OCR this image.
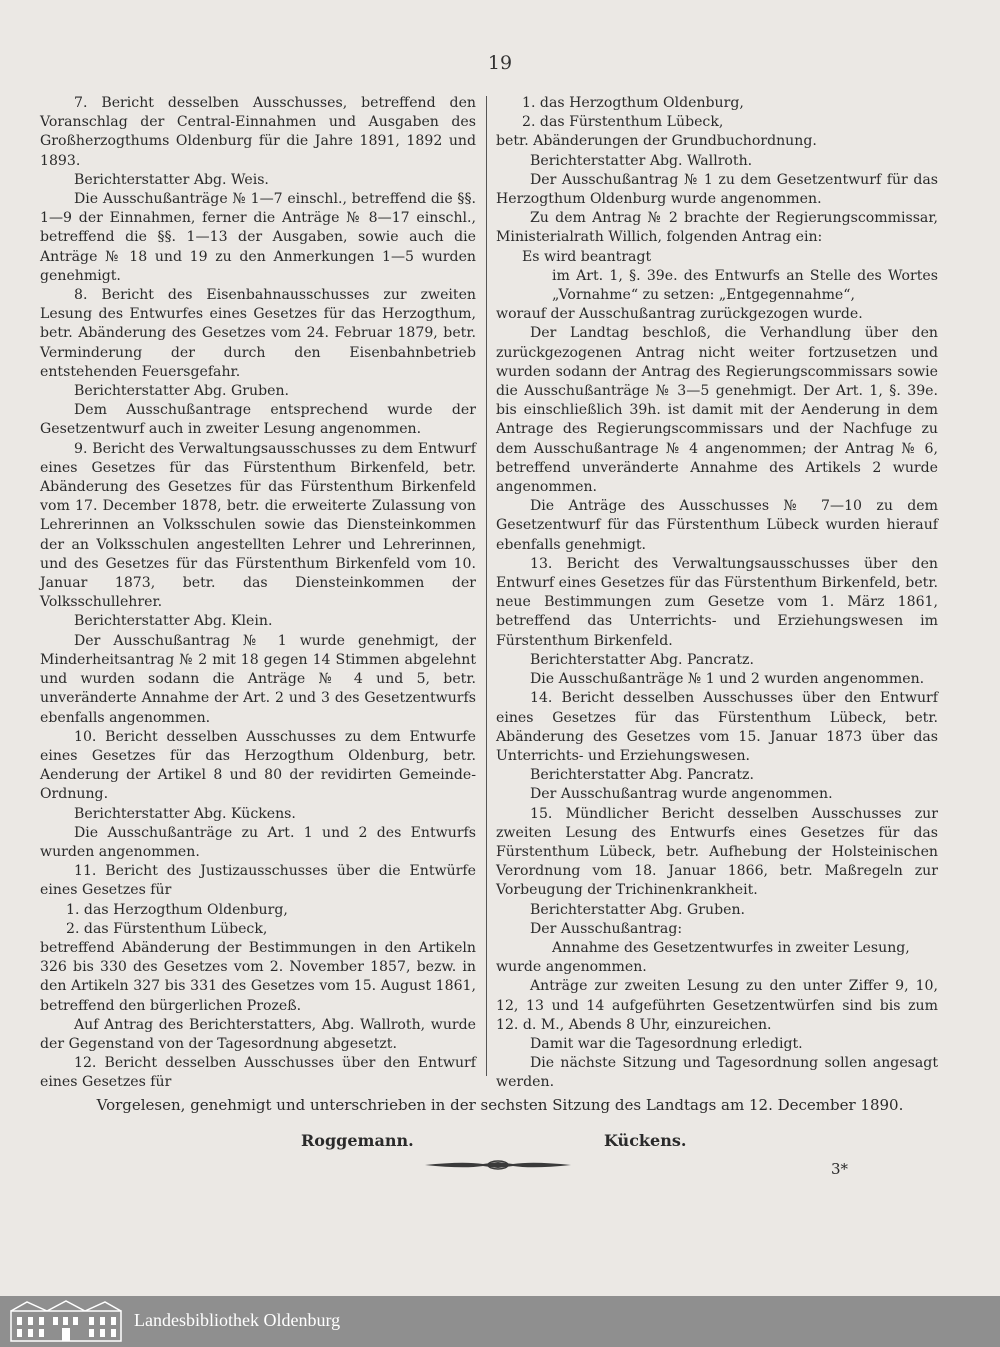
19

7. Bericht desselben Ausschusses, betreffend den Voranschlag der Central-Einnahmen und Ausgaben des Großherzogthums Oldenburg für die Jahre 1891, 1892 und 1893.

Berichterstatter Abg. Weis.

Die Ausschußanträge № 1—7 einschl., betreffend die §§. 1—9 der Einnahmen, ferner die Anträge № 8—17 einschl., betreffend die §§. 1—13 der Ausgaben, sowie auch die Anträge № 18 und 19 zu den Anmerkungen 1—5 wurden genehmigt.

8. Bericht des Eisenbahnausschusses zur zweiten Lesung des Entwurfes eines Gesetzes für das Herzogthum, betr. Abänderung des Gesetzes vom 24. Februar 1879, betr. Verminderung der durch den Eisenbahnbetrieb entstehenden Feuersgefahr.

Berichterstatter Abg. Gruben.

Dem Ausschußantrage entsprechend wurde der Gesetzentwurf auch in zweiter Lesung angenommen.

9. Bericht des Verwaltungsausschusses zu dem Entwurf eines Gesetzes für das Fürstenthum Birkenfeld, betr. Abänderung des Gesetzes für das Fürstenthum Birkenfeld vom 17. December 1878, betr. die erweiterte Zulassung von Lehrerinnen an Volksschulen sowie das Diensteinkommen der an Volksschulen angestellten Lehrer und Lehrerinnen, und des Gesetzes für das Fürstenthum Birkenfeld vom 10. Januar 1873, betr. das Diensteinkommen der Volksschullehrer.

Berichterstatter Abg. Klein.

Der Ausschußantrag № 1 wurde genehmigt, der Minderheitsantrag № 2 mit 18 gegen 14 Stimmen abgelehnt und wurden sodann die Anträge № 4 und 5, betr. unveränderte Annahme der Art. 2 und 3 des Gesetzentwurfs ebenfalls angenommen.

10. Bericht desselben Ausschusses zu dem Entwurfe eines Gesetzes für das Herzogthum Oldenburg, betr. Aenderung der Artikel 8 und 80 der revidirten Gemeinde-Ordnung.

Berichterstatter Abg. Kückens.

Die Ausschußanträge zu Art. 1 und 2 des Entwurfs wurden angenommen.

11. Bericht des Justizausschusses über die Entwürfe eines Gesetzes für

1. das Herzogthum Oldenburg,

2. das Fürstenthum Lübeck,

betreffend Abänderung der Bestimmungen in den Artikeln 326 bis 330 des Gesetzes vom 2. November 1857, bezw. in den Artikeln 327 bis 331 des Gesetzes vom 15. August 1861, betreffend den bürgerlichen Prozeß.

Auf Antrag des Berichterstatters, Abg. Wallroth, wurde der Gegenstand von der Tagesordnung abgesetzt.

12. Bericht desselben Ausschusses über den Entwurf eines Gesetzes für

1. das Herzogthum Oldenburg,

2. das Fürstenthum Lübeck,

betr. Abänderungen der Grundbuchordnung.

Berichterstatter Abg. Wallroth.

Der Ausschußantrag № 1 zu dem Gesetzentwurf für das Herzogthum Oldenburg wurde angenommen.

Zu dem Antrag № 2 brachte der Regierungscommissar, Ministerialrath Willich, folgenden Antrag ein:

Es wird beantragt

im Art. 1, §. 39e. des Entwurfs an Stelle des Wortes „Vornahme“ zu setzen: „Entgegennahme“,

worauf der Ausschußantrag zurückgezogen wurde.

Der Landtag beschloß, die Verhandlung über den zurückgezogenen Antrag nicht weiter fortzusetzen und wurden sodann der Antrag des Regierungscommissars sowie die Ausschußanträge № 3—5 genehmigt. Der Art. 1, §. 39e. bis einschließlich 39h. ist damit mit der Aenderung in dem Antrage des Regierungscommissars und der Nachfuge zu dem Ausschußantrage № 4 angenommen; der Antrag № 6, betreffend unveränderte Annahme des Artikels 2 wurde angenommen.

Die Anträge des Ausschusses № 7—10 zu dem Gesetzentwurf für das Fürstenthum Lübeck wurden hierauf ebenfalls genehmigt.

13. Bericht des Verwaltungsausschusses über den Entwurf eines Gesetzes für das Fürstenthum Birkenfeld, betr. neue Bestimmungen zum Gesetze vom 1. März 1861, betreffend das Unterrichts- und Erziehungswesen im Fürstenthum Birkenfeld.

Berichterstatter Abg. Pancratz.

Die Ausschußanträge № 1 und 2 wurden angenommen.

14. Bericht desselben Ausschusses über den Entwurf eines Gesetzes für das Fürstenthum Lübeck, betr. Abänderung des Gesetzes vom 15. Januar 1873 über das Unterrichts- und Erziehungswesen.

Berichterstatter Abg. Pancratz.

Der Ausschußantrag wurde angenommen.

15. Mündlicher Bericht desselben Ausschusses zur zweiten Lesung des Entwurfs eines Gesetzes für das Fürstenthum Lübeck, betr. Aufhebung der Holsteinischen Verordnung vom 18. Januar 1866, betr. Maßregeln zur Vorbeugung der Trichinenkrankheit.

Berichterstatter Abg. Gruben.

Der Ausschußantrag:

Annahme des Gesetzentwurfes in zweiter Lesung,

wurde angenommen.

Anträge zur zweiten Lesung zu den unter Ziffer 9, 10, 12, 13 und 14 aufgeführten Gesetzentwürfen sind bis zum 12. d. M., Abends 8 Uhr, einzureichen.

Damit war die Tagesordnung erledigt.

Die nächste Sitzung und Tagesordnung sollen angesagt werden.

Vorgelesen, genehmigt und unterschrieben in der sechsten Sitzung des Landtags am 12. December 1890.
Roggemann.	Kückens.
3*
Landesbibliothek Oldenburg
